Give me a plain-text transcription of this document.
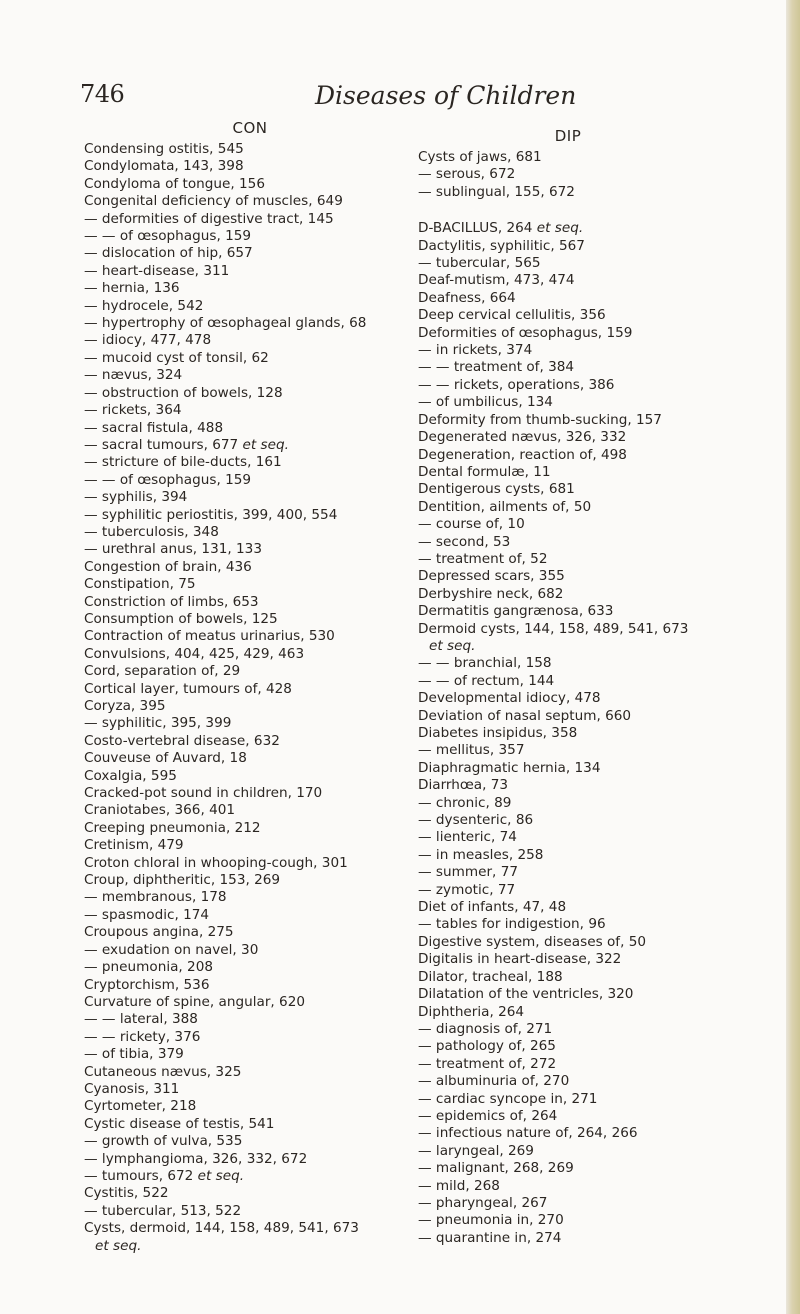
746	Diseases of Children
CON
Condensing ostitis, 545
Condylomata, 143, 398
Condyloma of tongue, 156
Congenital deficiency of muscles, 649
— deformities of digestive tract, 145
— — of œsophagus, 159
— dislocation of hip, 657
— heart-disease, 311
— hernia, 136
— hydrocele, 542
— hypertrophy of œsophageal glands, 68
— idiocy, 477, 478
— mucoid cyst of tonsil, 62
— nævus, 324
— obstruction of bowels, 128
— rickets, 364
— sacral fistula, 488
— sacral tumours, 677 et seq.
— stricture of bile-ducts, 161
— — of œsophagus, 159
— syphilis, 394
— syphilitic periostitis, 399, 400, 554
— tuberculosis, 348
— urethral anus, 131, 133
Congestion of brain, 436
Constipation, 75
Constriction of limbs, 653
Consumption of bowels, 125
Contraction of meatus urinarius, 530
Convulsions, 404, 425, 429, 463
Cord, separation of, 29
Cortical layer, tumours of, 428
Coryza, 395
— syphilitic, 395, 399
Costo-vertebral disease, 632
Couveuse of Auvard, 18
Coxalgia, 595
Cracked-pot sound in children, 170
Craniotabes, 366, 401
Creeping pneumonia, 212
Cretinism, 479
Croton chloral in whooping-cough, 301
Croup, diphtheritic, 153, 269
— membranous, 178
— spasmodic, 174
Croupous angina, 275
— exudation on navel, 30
— pneumonia, 208
Cryptorchism, 536
Curvature of spine, angular, 620
— — lateral, 388
— — rickety, 376
— of tibia, 379
Cutaneous nævus, 325
Cyanosis, 311
Cyrtometer, 218
Cystic disease of testis, 541
— growth of vulva, 535
— lymphangioma, 326, 332, 672
— tumours, 672 et seq.
Cystitis, 522
— tubercular, 513, 522
Cysts, dermoid, 144, 158, 489, 541, 673
et seq.
DIP
Cysts of jaws, 681
— serous, 672
— sublingual, 155, 672
D-BACILLUS, 264 et seq.
Dactylitis, syphilitic, 567
— tubercular, 565
Deaf-mutism, 473, 474
Deafness, 664
Deep cervical cellulitis, 356
Deformities of œsophagus, 159
— in rickets, 374
— — treatment of, 384
— — rickets, operations, 386
— of umbilicus, 134
Deformity from thumb-sucking, 157
Degenerated nævus, 326, 332
Degeneration, reaction of, 498
Dental formulæ, 11
Dentigerous cysts, 681
Dentition, ailments of, 50
— course of, 10
— second, 53
— treatment of, 52
Depressed scars, 355
Derbyshire neck, 682
Dermatitis gangrænosa, 633
Dermoid cysts, 144, 158, 489, 541, 673
et seq.
— — branchial, 158
— — of rectum, 144
Developmental idiocy, 478
Deviation of nasal septum, 660
Diabetes insipidus, 358
— mellitus, 357
Diaphragmatic hernia, 134
Diarrhœa, 73
— chronic, 89
— dysenteric, 86
— lienteric, 74
— in measles, 258
— summer, 77
— zymotic, 77
Diet of infants, 47, 48
— tables for indigestion, 96
Digestive system, diseases of, 50
Digitalis in heart-disease, 322
Dilator, tracheal, 188
Dilatation of the ventricles, 320
Diphtheria, 264
— diagnosis of, 271
— pathology of, 265
— treatment of, 272
— albuminuria of, 270
— cardiac syncope in, 271
— epidemics of, 264
— infectious nature of, 264, 266
— laryngeal, 269
— malignant, 268, 269
— mild, 268
— pharyngeal, 267
— pneumonia in, 270
— quarantine in, 274
